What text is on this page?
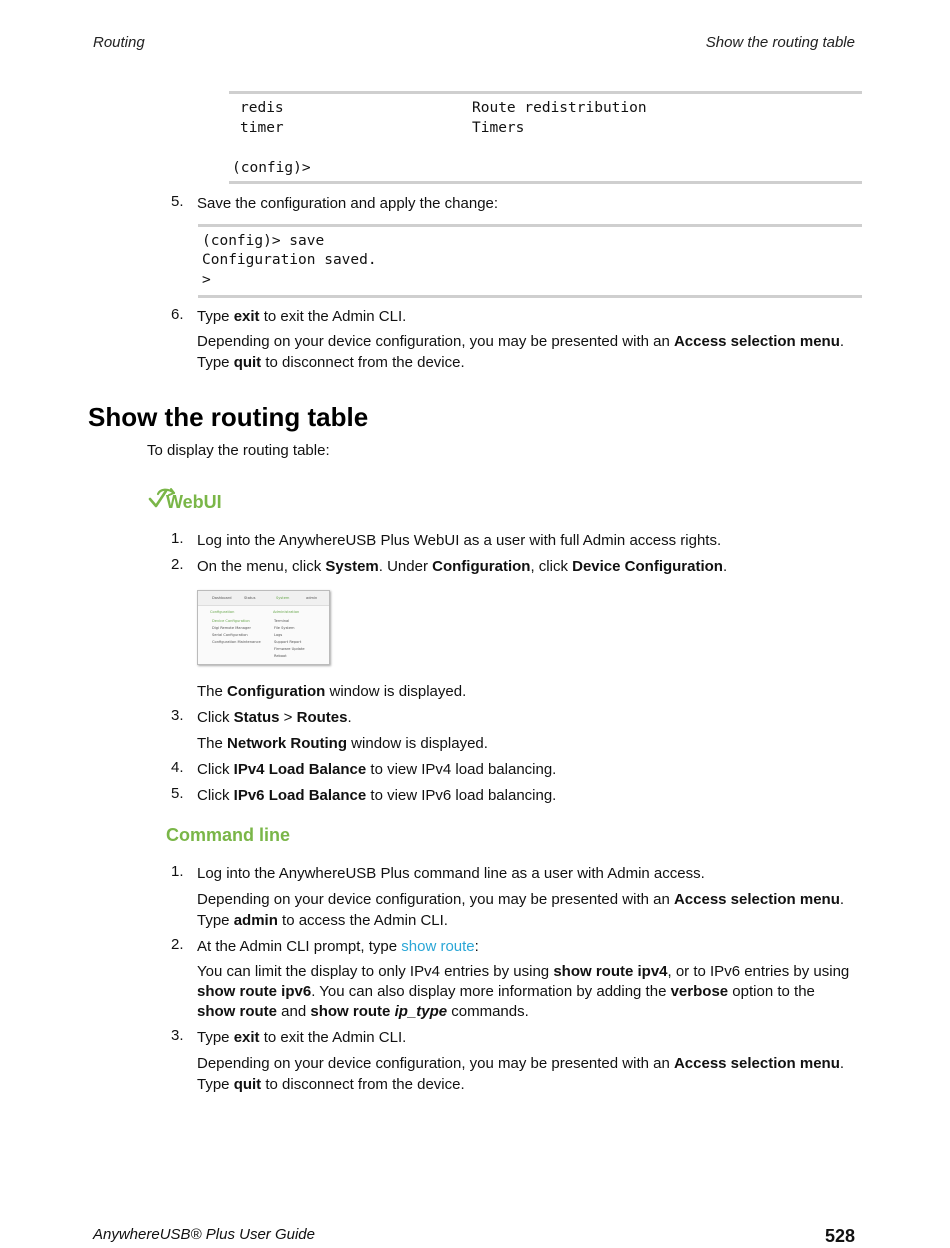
Routing	Show the routing table
redis	Route redistribution
timer	Timers
(config)>
5. Save the configuration and apply the change:
(config)> save
Configuration saved.
>
6. Type exit to exit the Admin CLI.
Depending on your device configuration, you may be presented with an Access selection menu. Type quit to disconnect from the device.
Show the routing table
To display the routing table:
WebUI
1. Log into the AnywhereUSB Plus WebUI as a user with full Admin access rights.
2. On the menu, click System. Under Configuration, click Device Configuration.
Dashboard	Status	System	admin
Configuration
Device Configuration
Digi Remote Manager
Serial Configuration
Configuration Maintenance
Administration
Terminal
File System
Logs
Support Report
Firmware Update
Reboot
The Configuration window is displayed.
3. Click Status > Routes.
The Network Routing window is displayed.
4. Click IPv4 Load Balance to view IPv4 load balancing.
5. Click IPv6 Load Balance to view IPv6 load balancing.
Command line
1. Log into the AnywhereUSB Plus command line as a user with Admin access.
Depending on your device configuration, you may be presented with an Access selection menu. Type admin to access the Admin CLI.
2. At the Admin CLI prompt, type show route:
You can limit the display to only IPv4 entries by using show route ipv4, or to IPv6 entries by using show route ipv6. You can also display more information by adding the verbose option to the show route and show route ip_type commands.
3. Type exit to exit the Admin CLI.
Depending on your device configuration, you may be presented with an Access selection menu. Type quit to disconnect from the device.
AnywhereUSB® Plus User Guide	528
